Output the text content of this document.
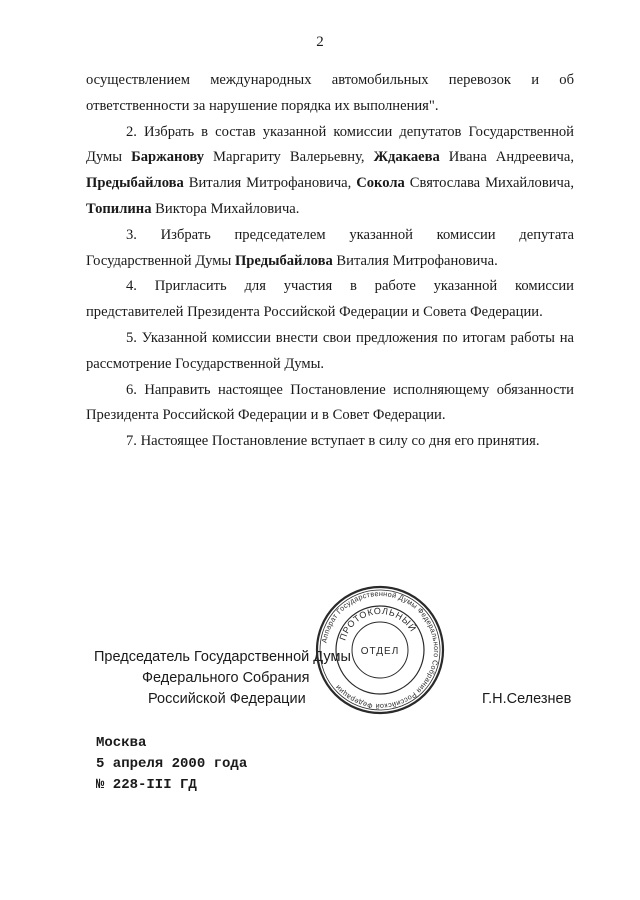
2

осуществлением международных автомобильных перевозок и об ответственности за нарушение порядка их выполнения".

2. Избрать в состав указанной комиссии депутатов Государственной Думы Баржанову Маргариту Валерьевну, Ждакаева Ивана Андреевича, Предыбайлова Виталия Митрофановича, Сокола Святослава Михайловича, Топилина Виктора Михайловича.

3. Избрать председателем указанной комиссии депутата Государственной Думы Предыбайлова Виталия Митрофановича.

4. Пригласить для участия в работе указанной комиссии представителей Президента Российской Федерации и Совета Федерации.

5. Указанной комиссии внести свои предложения по итогам работы на рассмотрение Государственной Думы.

6. Направить настоящее Постановление исполняющему обязанности Президента Российской Федерации и в Совет Федерации.

7. Настоящее Постановление вступает в силу со дня его принятия.

Председатель Государственной Думы
Федерального Собрания
Российской Федерации	Г.Н.Селезнев
Аппарат Государственной Думы Федерального Собрания Российской Федерации
ПРОТОКОЛЬНЫЙ
ОТДЕЛ
Москва
5 апреля 2000 года
№ 228-III ГД
